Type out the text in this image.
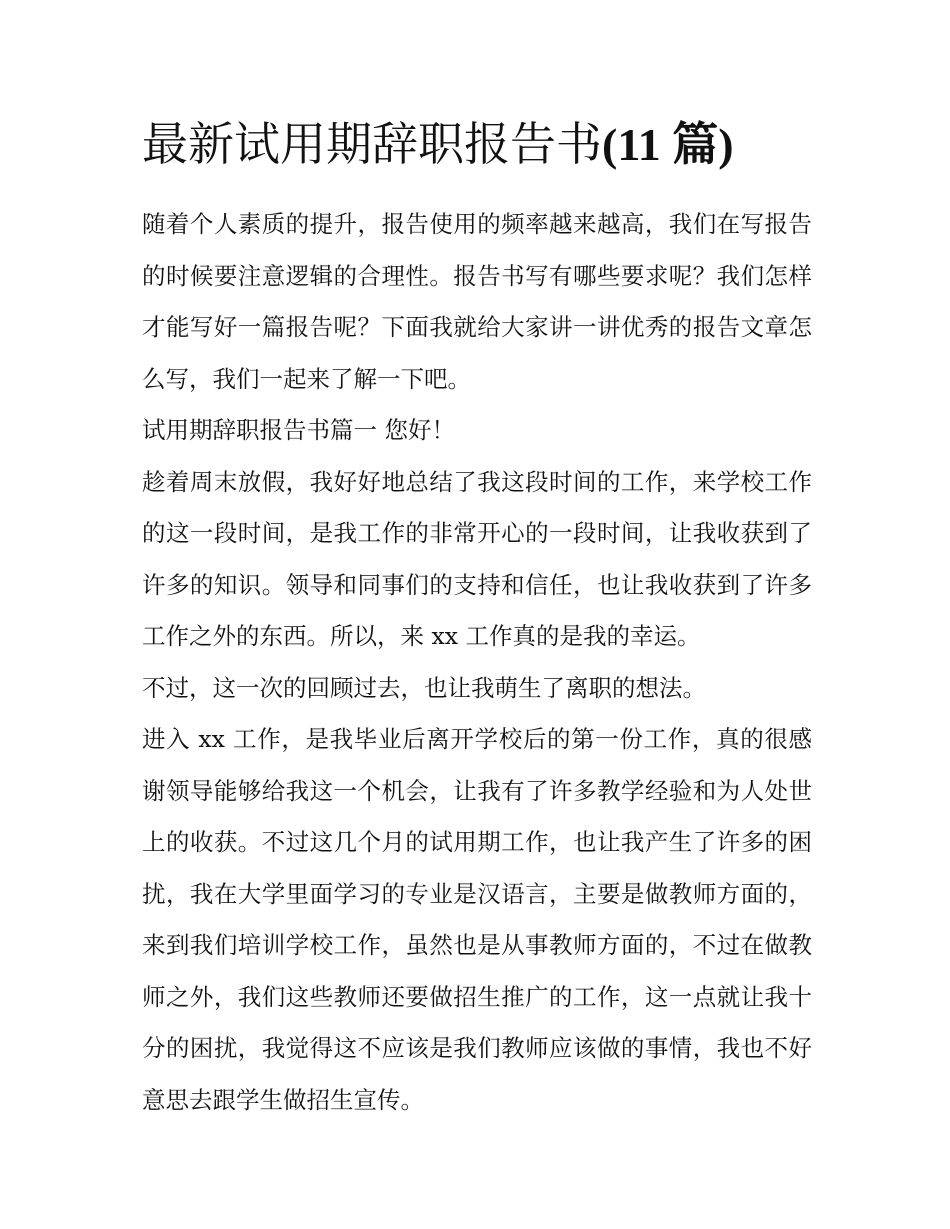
最新试用期辞职报告书(11 篇)

随着个人素质的提升，报告使用的频率越来越高，我们在写报告的时候要注意逻辑的合理性。报告书写有哪些要求呢？我们怎样才能写好一篇报告呢？下面我就给大家讲一讲优秀的报告文章怎么写，我们一起来了解一下吧。

试用期辞职报告书篇一 您好！

趁着周末放假，我好好地总结了我这段时间的工作，来学校工作的这一段时间，是我工作的非常开心的一段时间，让我收获到了许多的知识。领导和同事们的支持和信任，也让我收获到了许多工作之外的东西。所以，来 xx 工作真的是我的幸运。

不过，这一次的回顾过去，也让我萌生了离职的想法。

进入 xx 工作，是我毕业后离开学校后的第一份工作，真的很感谢领导能够给我这一个机会，让我有了许多教学经验和为人处世上的收获。不过这几个月的试用期工作，也让我产生了许多的困扰，我在大学里面学习的专业是汉语言，主要是做教师方面的，来到我们培训学校工作，虽然也是从事教师方面的，不过在做教师之外，我们这些教师还要做招生推广的工作，这一点就让我十分的困扰，我觉得这不应该是我们教师应该做的事情，我也不好意思去跟学生做招生宣传。
